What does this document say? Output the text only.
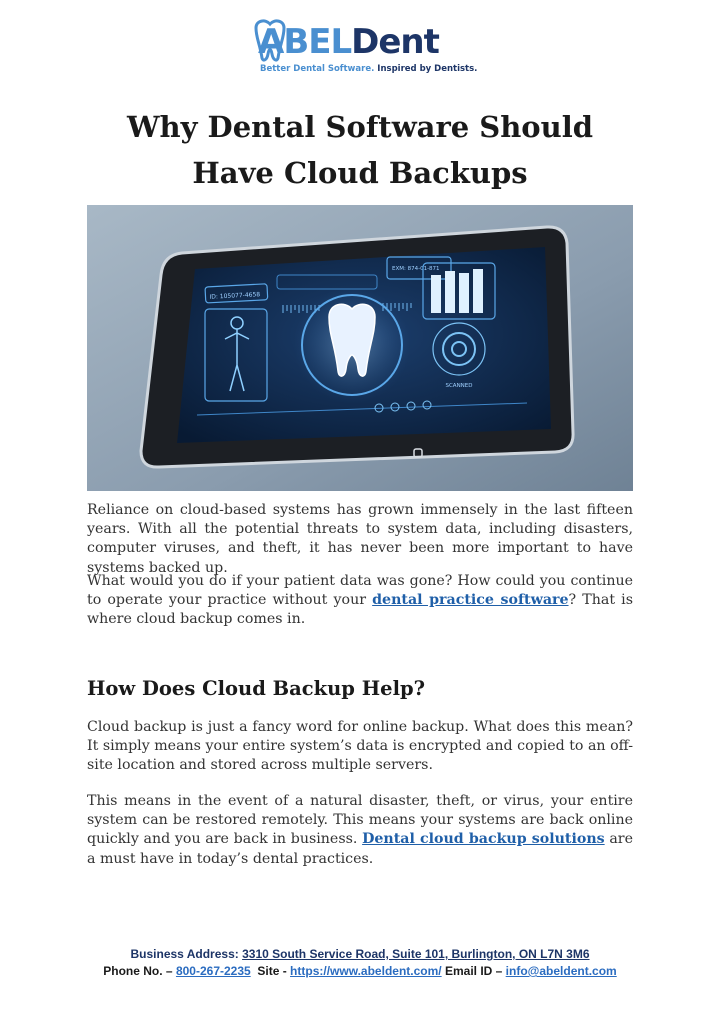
ABELDent
Better Dental Software. Inspired by Dentists.
Why Dental Software Should
Have Cloud Backups
ID: 105077-4658
EXM: 874-01-871
SCANNED

Reliance on cloud-based systems has grown immensely in the last fifteen years. With all the potential threats to system data, including disasters, computer viruses, and theft, it has never been more important to have systems backed up.

What would you do if your patient data was gone? How could you continue to operate your practice without your dental practice software? That is where cloud backup comes in.

How Does Cloud Backup Help?

Cloud backup is just a fancy word for online backup. What does this mean? It simply means your entire system’s data is encrypted and copied to an off-site location and stored across multiple servers.

This means in the event of a natural disaster, theft, or virus, your entire system can be restored remotely. This means your systems are back online quickly and you are back in business. Dental cloud backup solutions are a must have in today’s dental practices.

Business Address: 3310 South Service Road, Suite 101, Burlington, ON L7N 3M6
Phone No. – 800-267-2235 Site - https://www.abeldent.com/ Email ID – info@abeldent.com
